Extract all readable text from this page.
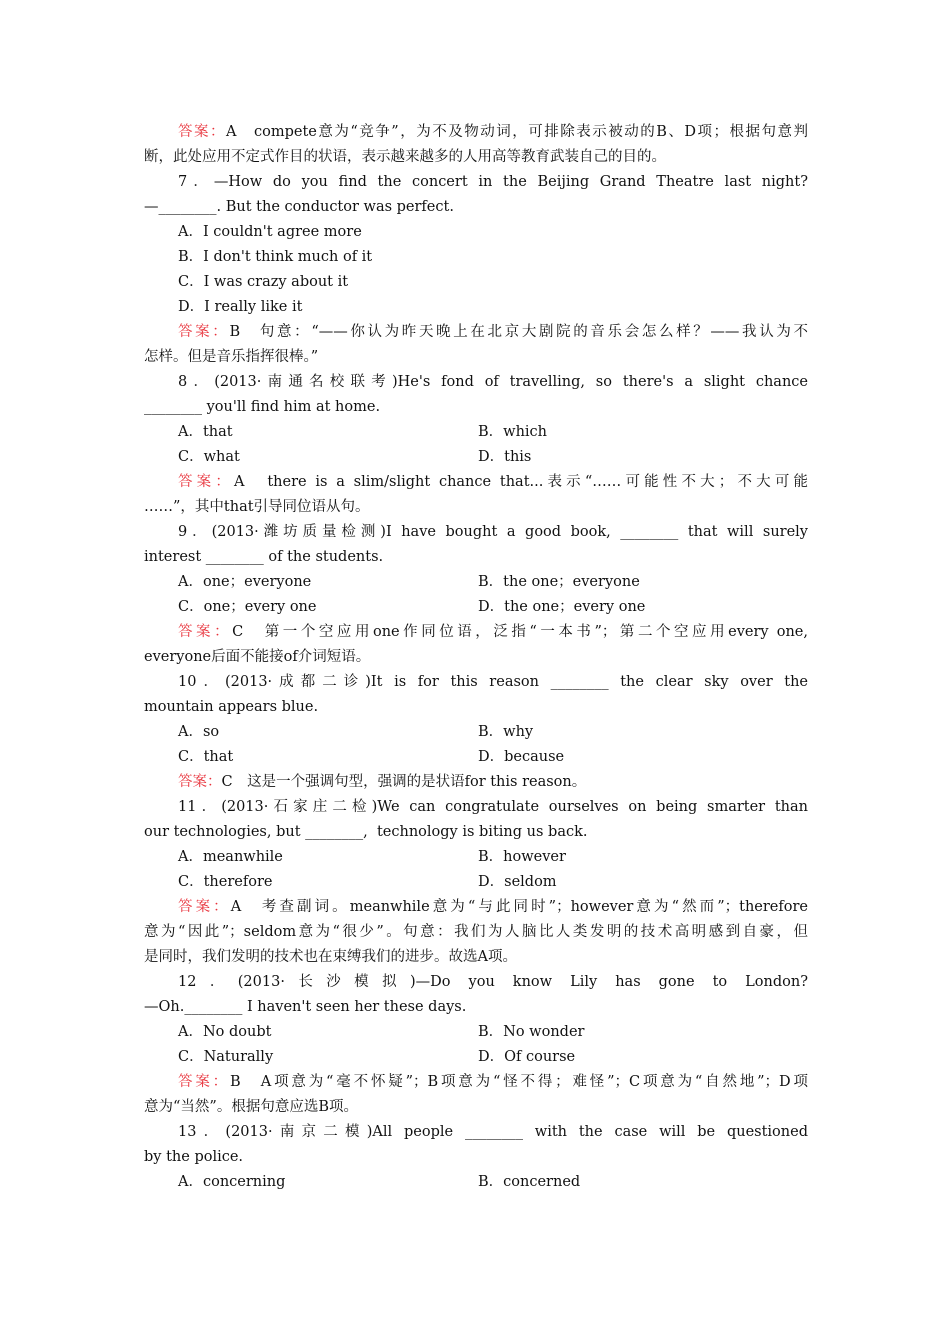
答案：A　compete意为“竞争”，为不及物动词，可排除表示被动的B、D项；根据句意判
断，此处应用不定式作目的状语，表示越来越多的人用高等教育武装自己的目的。
7．—How do you find the concert in the Beijing Grand Theatre last night?
—________. But the conductor was perfect.
A．I couldn't agree more
B．I don't think much of it
C．I was crazy about it
D．I really like it
答案：B　句意：“——你认为昨天晚上在北京大剧院的音乐会怎么样？——我认为不
怎样。但是音乐指挥很棒。”
8．(2013·南通名校联考)He's fond of travelling, so there's a slight chance
________ you'll find him at home.
A．that	B．which
C．what	D．this
答案：A　there is a slim/slight chance that...表示“……可能性不大；不大可能
……”，其中that引导同位语从句。
9．(2013·潍坊质量检测)I have bought a good book, ________ that will surely
interest ________ of the students.
A．one；everyone	B．the one；everyone
C．one；every one	D．the one；every one
答案：C　第一个空应用one作同位语，泛指“一本书”；第二个空应用every one,
everyone后面不能接of介词短语。
10．(2013·成都二诊)It is for this reason ________ the clear sky over the
mountain appears blue.
A．so	B．why
C．that	D．because
答案：C　这是一个强调句型，强调的是状语for this reason。
11．(2013·石家庄二检)We can congratulate ourselves on being smarter than
our technologies, but ________,  technology is biting us back.
A．meanwhile	B．however
C．therefore	D．seldom
答案：A　考查副词。meanwhile意为“与此同时”；however意为“然而”；therefore
意为“因此”；seldom意为“很少”。句意：我们为人脑比人类发明的技术高明感到自豪，但
是同时，我们发明的技术也在束缚我们的进步。故选A项。
12．(2013·长沙模拟)—Do you know Lily has gone to London?
—Oh.________ I haven't seen her these days.
A．No doubt	B．No wonder
C．Naturally	D．Of course
答案：B　A项意为“毫不怀疑”；B项意为“怪不得；难怪”；C项意为“自然地”；D项
意为“当然”。根据句意应选B项。
13．(2013·南京二模)All people ________ with the case will be questioned
by the police.
A．concerning	B．concerned
